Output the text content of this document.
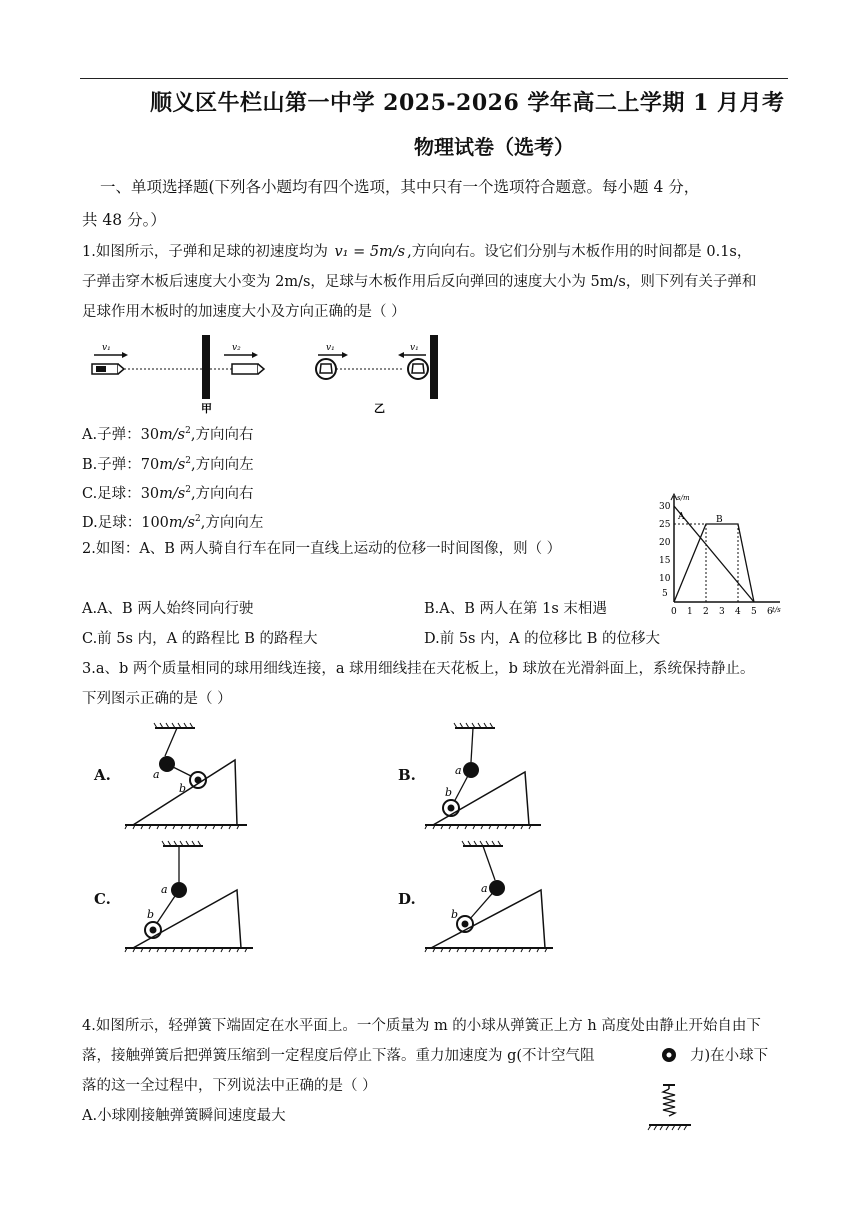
顺义区牛栏山第一中学 2025-2026 学年高二上学期 1 月月考
物理试卷（选考）
一、单项选择题(下列各小题均有四个选项，其中只有一个选项符合题意。每小题 4 分，
共 48 分。）
1.如图所示，子弹和足球的初速度均为 v₁ = 5m/s ,方向向右。设它们分别与木板作用的时间都是 0.1s，
子弹击穿木板后速度大小变为 2m/s，足球与木板作用后反向弹回的速度大小为 5m/s，则下列有关子弹和
足球作用木板时的加速度大小及方向正确的是（ ）
v₁	v₂
甲
v₁	v₁
乙
A.子弹：$30m/s^2$,方向向右
B.子弹：$70m/s^2$,方向向左
C.足球：$30m/s^2$,方向向右
D.足球：$100m/s^2$,方向向左
2.如图：A、B 两人骑自行车在同一直线上运动的位移一时间图像，则（ ）
A.A、B 两人始终同向行驶	B.A、B 两人在第 1s 末相遇
C.前 5s 内，A 的路程比 B 的路程大	D.前 5s 内，A 的位移比 B 的位移大
s/m
t/s
30
25
20
15
10
5
0 1 2 3 4 5 6
A	B
3.a、b 两个质量相同的球用细线连接，a 球用细线挂在天花板上，b 球放在光滑斜面上，系统保持静止。
下列图示正确的是（ ）
A.	a
b
B.	a
b
C.
a
b
D.
a
b
4.如图所示，轻弹簧下端固定在水平面上。一个质量为 m 的小球从弹簧正上方 h 高度处由静止开始自由下
落，接触弹簧后把弹簧压缩到一定程度后停止下落。重力加速度为 g(不计空气阻	力)在小球下
落的这一全过程中，下列说法中正确的是（ ）
A.小球刚接触弹簧瞬间速度最大
